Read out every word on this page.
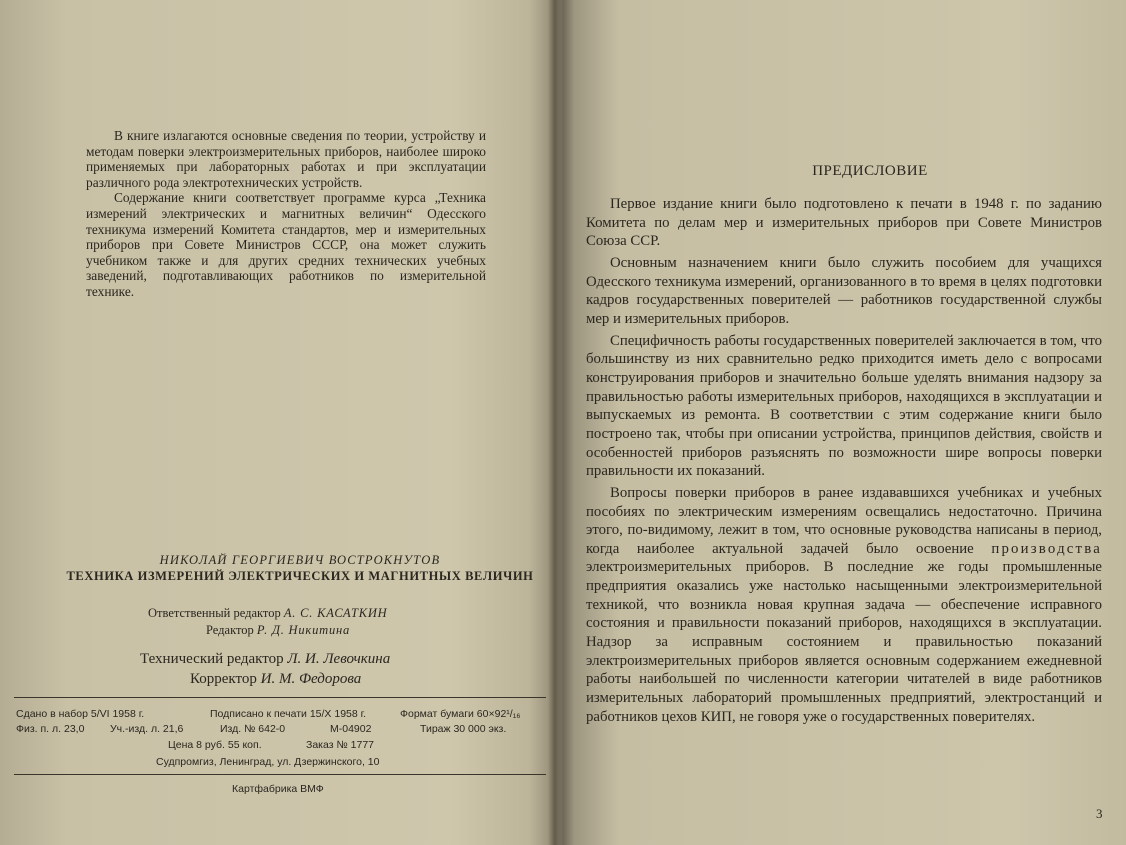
В книге излагаются основные сведения по теории, устройству и методам поверки электроизмерительных приборов, наиболее широко применяемых при лабораторных работах и при эксплуатации различного рода электротехнических устройств.

Содержание книги соответствует программе курса „Техника измерений электрических и магнитных величин“ Одесского техникума измерений Комитета стандартов, мер и измерительных приборов при Совете Министров СССР, она может служить учебником также и для других средних технических учебных заведений, подготавливающих работников по измерительной технике.

НИКОЛАЙ ГЕОРГИЕВИЧ ВОСТРОКНУТОВ
ТЕХНИКА ИЗМЕРЕНИЙ ЭЛЕКТРИЧЕСКИХ И МАГНИТНЫХ ВЕЛИЧИН
Ответственный редактор А. С. КАСАТКИН
Редактор Р. Д. Никитина
Технический редактор Л. И. Левочкина
Корректор И. М. Федорова
Сдано в набор 5/VI 1958 г.	Подписано к печати 15/X 1958 г.	Формат бумаги 60×92¹/₁₆
Физ. п. л. 23,0 Уч.-изд. л. 21,6	Изд. № 642-0	М-04902	Тираж 30 000 экз.
Цена 8 руб. 55 коп.	Заказ № 1777
Судпромгиз, Ленинград, ул. Дзержинского, 10
Картфабрика ВМФ
ПРЕДИСЛОВИЕ

Первое издание книги было подготовлено к печати в 1948 г. по заданию Комитета по делам мер и измерительных приборов при Совете Министров Союза ССР.

Основным назначением книги было служить пособием для учащихся Одесского техникума измерений, организованного в то время в целях подготовки кадров государственных поверителей — работников государственной службы мер и измерительных приборов.

Специфичность работы государственных поверителей заключается в том, что большинству из них сравнительно редко приходится иметь дело с вопросами конструирования приборов и значительно больше уделять внимания надзору за правильностью работы измерительных приборов, находящихся в эксплуатации и выпускаемых из ремонта. В соответствии с этим содержание книги было построено так, чтобы при описании устройства, принципов действия, свойств и особенностей приборов разъяснять по возможности шире вопросы поверки правильности их показаний.

Вопросы поверки приборов в ранее издававшихся учебниках и учебных пособиях по электрическим измерениям освещались недостаточно. Причина этого, по-видимому, лежит в том, что основные руководства написаны в период, когда наиболее актуальной задачей было освоение производства электроизмерительных приборов. В последние же годы промышленные предприятия оказались уже настолько насыщенными электроизмерительной техникой, что возникла новая крупная задача — обеспечение исправного состояния и правильности показаний приборов, находящихся в эксплуатации. Надзор за исправным состоянием и правильностью показаний электроизмерительных приборов является основным содержанием ежедневной работы наибольшей по численности категории читателей в виде работников измерительных лабораторий промышленных предприятий, электростанций и работников цехов КИП, не говоря уже о государственных поверителях.

3
